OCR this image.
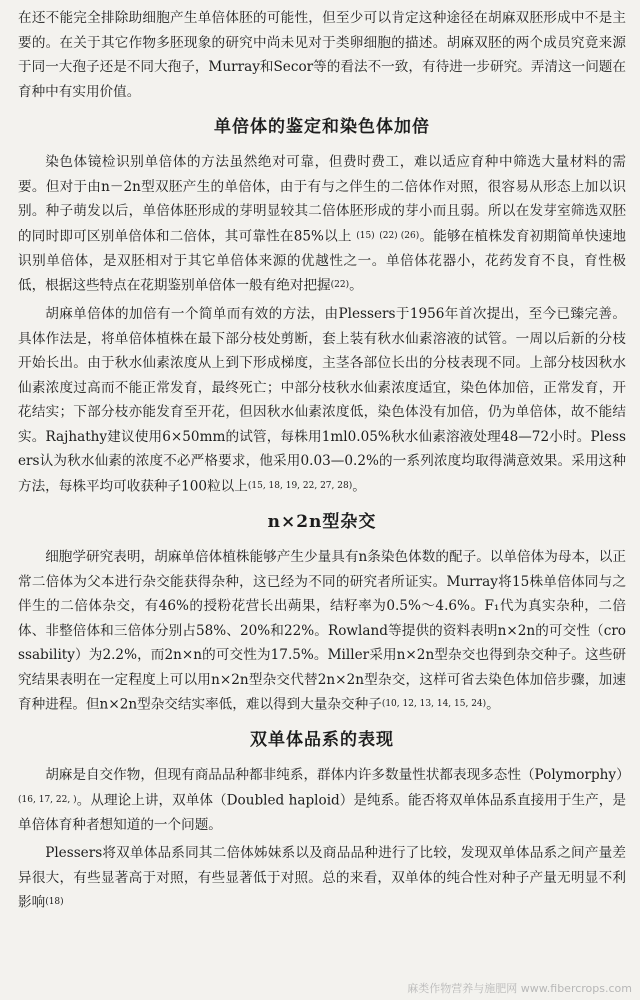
在还不能完全排除助细胞产生单倍体胚的可能性，但至少可以肯定这种途径在胡麻双胚形成中不是主要的。在关于其它作物多胚现象的研究中尚未见对于类卵细胞的描述。胡麻双胚的两个成员究竟来源于同一大孢子还是不同大孢子，Murray和Secor等的看法不一致，有待进一步研究。弄清这一问题在育种中有实用价值。

单倍体的鉴定和染色体加倍

染色体镜检识别单倍体的方法虽然绝对可靠，但费时费工，难以适应育种中筛选大量材料的需要。但对于由n－2n型双胚产生的单倍体，由于有与之伴生的二倍体作对照，很容易从形态上加以识别。种子萌发以后，单倍体胚形成的芽明显较其二倍体胚形成的芽小而且弱。所以在发芽室筛选双胚的同时即可区别单倍体和二倍体，其可靠性在85%以上 (15) (22) (26)。能够在植株发育初期简单快速地识别单倍体，是双胚相对于其它单倍体来源的优越性之一。单倍体花器小，花药发育不良，育性极低，根据这些特点在花期鉴别单倍体一般有绝对把握(22)。

胡麻单倍体的加倍有一个简单而有效的方法，由Plessers于1956年首次提出，至今已臻完善。具体作法是，将单倍体植株在最下部分枝处剪断，套上装有秋水仙素溶液的试管。一周以后新的分枝开始长出。由于秋水仙素浓度从上到下形成梯度，主茎各部位长出的分枝表现不同。上部分枝因秋水仙素浓度过高而不能正常发育，最终死亡；中部分枝秋水仙素浓度适宜，染色体加倍，正常发育，开花结实；下部分枝亦能发育至开花，但因秋水仙素浓度低，染色体没有加倍，仍为单倍体，故不能结实。Rajhathy建议使用6×50mm的试管，每株用1ml0.05%秋水仙素溶液处理48—72小时。Plessers认为秋水仙素的浓度不必严格要求，他采用0.03—0.2%的一系列浓度均取得满意效果。采用这种方法，每株平均可收获种子100粒以上(15, 18, 19, 22, 27, 28)。

n×2n型杂交

细胞学研究表明，胡麻单倍体植株能够产生少量具有n条染色体数的配子。以单倍体为母本，以正常二倍体为父本进行杂交能获得杂种，这已经为不同的研究者所证实。Murray将15株单倍体同与之伴生的二倍体杂交，有46%的授粉花营长出蒴果，结籽率为0.5%～4.6%。F₁代为真实杂种，二倍体、非整倍体和三倍体分别占58%、20%和22%。Rowland等提供的资料表明n×2n的可交性（crossability）为2.2%，而2n×n的可交性为17.5%。Miller采用n×2n型杂交也得到杂交种子。这些研究结果表明在一定程度上可以用n×2n型杂交代替2n×2n型杂交，这样可省去染色体加倍步骤，加速育种进程。但n×2n型杂交结实率低，难以得到大量杂交种子(10, 12, 13, 14, 15, 24)。

双单体品系的表现

胡麻是自交作物，但现有商品品种都非纯系，群体内许多数量性状都表现多态性（Polymorphy）(16, 17, 22, )。从理论上讲，双单体（Doubled haploid）是纯系。能否将双单体品系直接用于生产，是单倍体育种者想知道的一个问题。

Plessers将双单体品系同其二倍体姊妹系以及商品品种进行了比较，发现双单体品系之间产量差异很大，有些显著高于对照，有些显著低于对照。总的来看，双单体的纯合性对种子产量无明显不利影响(18)

麻类作物营养与施肥网 www.fibercrops.com
